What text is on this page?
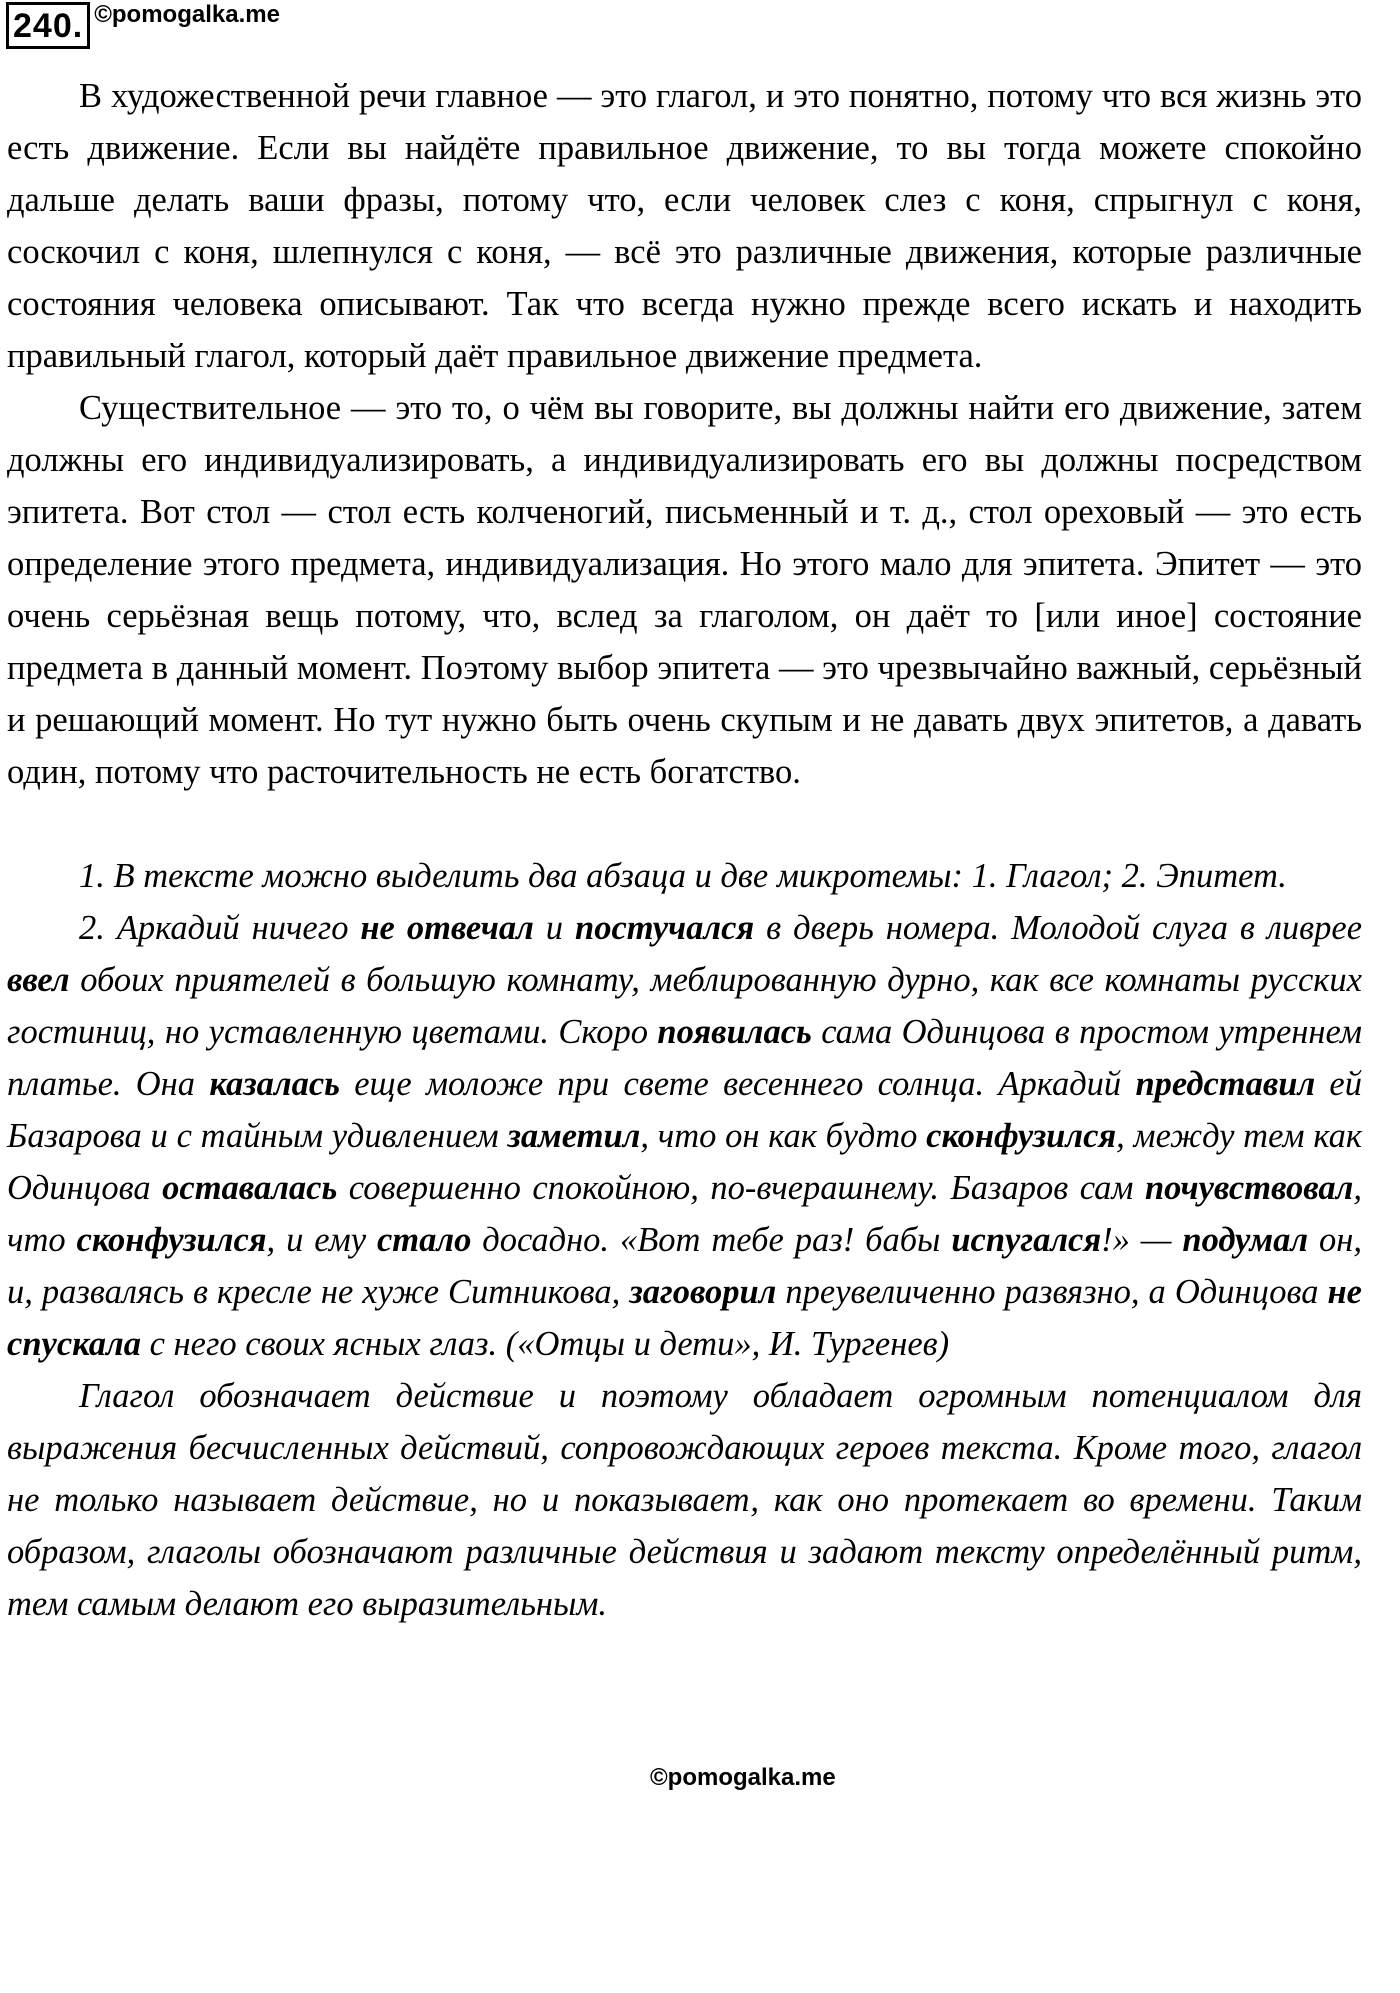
240. ©pomogalka.me

В художественной речи главное — это глагол, и это понятно, потому что вся жизнь это есть движение. Если вы найдёте правильное движение, то вы тогда можете спокойно дальше делать ваши фразы, потому что, если человек слез с коня, спрыгнул с коня, соскочил с коня, шлепнулся с коня, — всё это различные движения, которые различные состояния человека описывают. Так что всегда нужно прежде всего искать и находить правильный глагол, который даёт правильное движение предмета.

Существительное — это то, о чём вы говорите, вы должны найти его движение, затем должны его индивидуализировать, а индивидуализировать его вы должны посредством эпитета. Вот стол — стол есть колченогий, письменный и т. д., стол ореховый — это есть определение этого предмета, индивидуализация. Но этого мало для эпитета. Эпитет — это очень серьёзная вещь потому, что, вслед за глаголом, он даёт то [или иное] состояние предмета в данный момент. Поэтому выбор эпитета — это чрезвычайно важный, серьёзный и решающий момент. Но тут нужно быть очень скупым и не давать двух эпитетов, а давать один, потому что расточительность не есть богатство.

1. В тексте можно выделить два абзаца и две микротемы: 1. Глагол; 2. Эпитет.

2. Аркадий ничего не отвечал и постучался в дверь номера. Молодой слуга в ливрее ввел обоих приятелей в большую комнату, меблированную дурно, как все комнаты русских гостиниц, но уставленную цветами. Скоро появилась сама Одинцова в простом утреннем платье. Она казалась еще моложе при свете весеннего солнца. Аркадий представил ей Базарова и с тайным удивлением заметил, что он как будто сконфузился, между тем как Одинцова оставалась совершенно спокойною, по-вчерашнему. Базаров сам почувствовал, что сконфузился, и ему стало досадно. «Вот тебе раз! бабы испугался!» — подумал он, и, развалясь в кресле не хуже Ситникова, заговорил преувеличенно развязно, а Одинцова не спускала с него своих ясных глаз. («Отцы и дети», И. Тургенев)

Глагол обозначает действие и поэтому обладает огромным потенциалом для выражения бесчисленных действий, сопровождающих героев текста. Кроме того, глагол не только называет действие, но и показывает, как оно протекает во времени. Таким образом, глаголы обозначают различные действия и задают тексту определённый ритм, тем самым делают его выразительным.

©pomogalka.me
